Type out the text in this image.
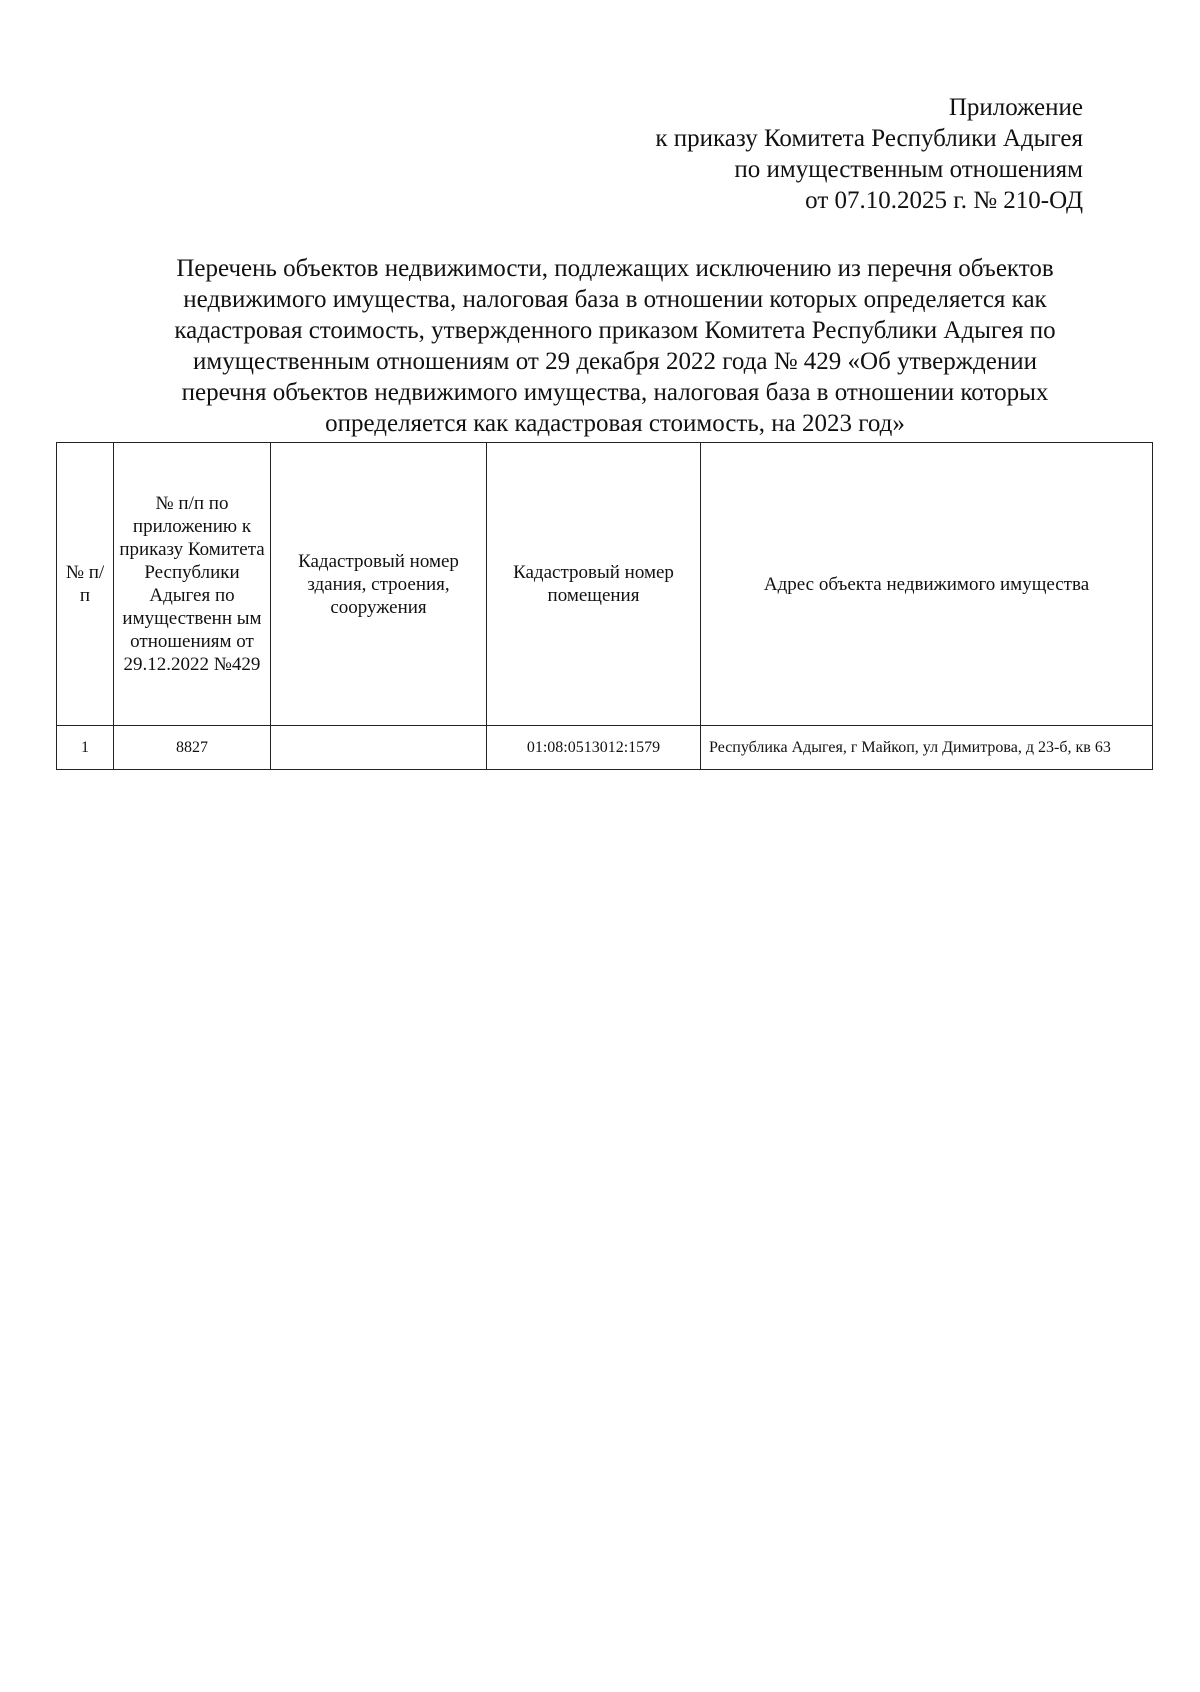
Приложение
к приказу Комитета Республики Адыгея
по имущественным отношениям
от 07.10.2025 г. № 210-ОД
Перечень объектов недвижимости, подлежащих исключению из перечня объектов
недвижимого имущества, налоговая база в отношении которых определяется как
кадастровая стоимость, утвержденного приказом Комитета Республики Адыгея по
имущественным отношениям от 29 декабря 2022 года № 429 «Об утверждении
перечня объектов недвижимого имущества, налоговая база в отношении которых
определяется как кадастровая стоимость, на 2023 год»
№ п/п	№ п/п по приложению к приказу Комитета Республики Адыгея по имущественн ым отношениям от 29.12.2022 №429	Кадастровый номер здания, строения, сооружения	Кадастровый номер помещения	Адрес объекта недвижимого имущества
1	8827		01:08:0513012:1579	Республика Адыгея, г Майкоп, ул Димитрова, д 23-б, кв 63
